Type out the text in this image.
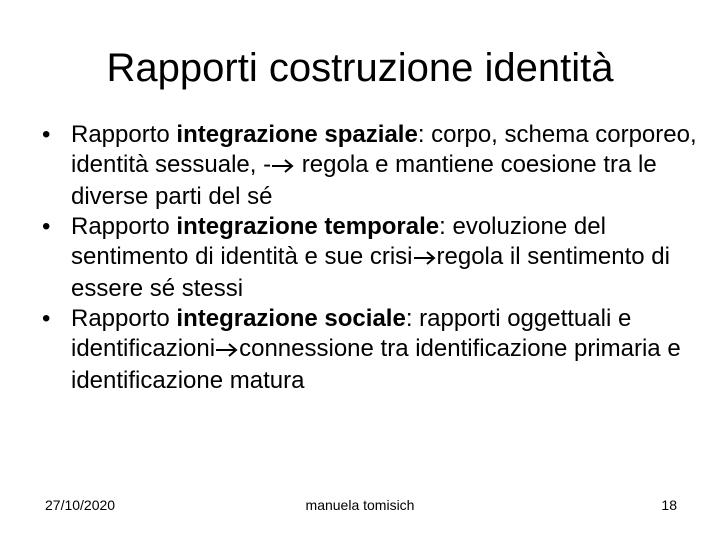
Rapporti costruzione identità
• Rapporto integrazione spaziale: corpo, schema corporeo, identità sessuale, - regola e mantiene coesione tra le diverse parti del sé
• Rapporto integrazione temporale: evoluzione del sentimento di identità e sue crisi regola il sentimento di essere sé stessi
• Rapporto integrazione sociale: rapporti oggettuali e identificazioni connessione tra identificazione primaria e identificazione matura
27/10/2020	manuela tomisich	18
